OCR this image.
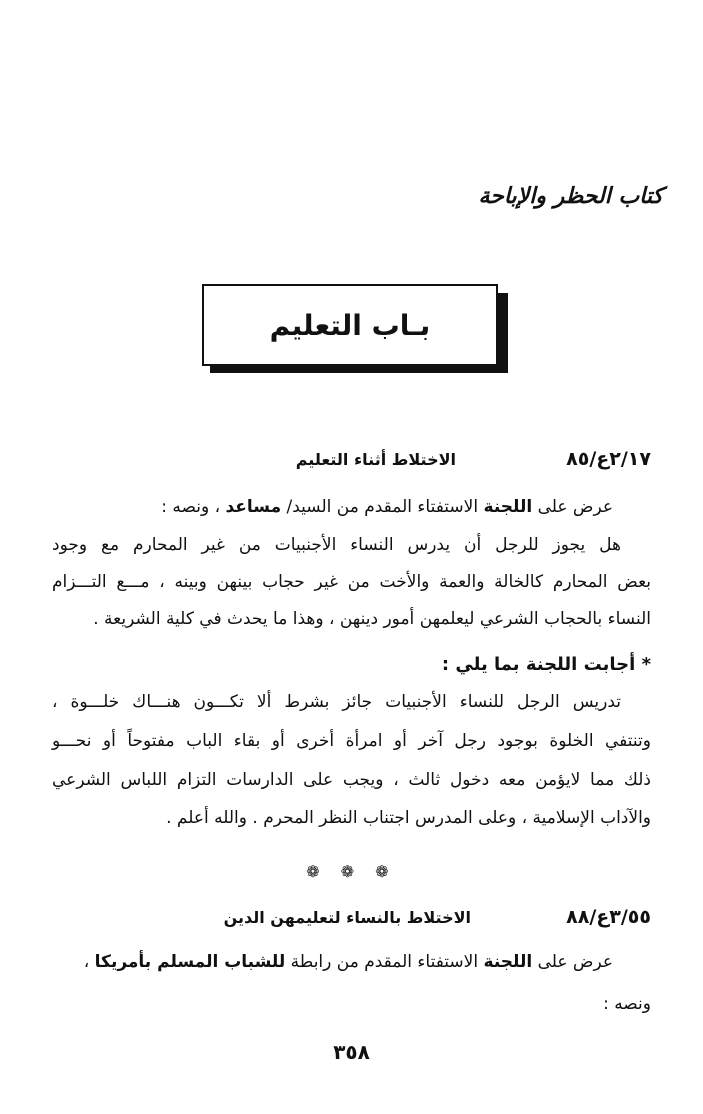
كتاب الحظر والإباحة
بـاب التعليم
٢/١٧ع/٨٥
الاختلاط أثناء التعليم
عرض على اللجنة الاستفتاء المقدم من السيد/ مساعد ، ونصه :
هل يجوز للرجل أن يدرس النساء الأجنبيات من غير المحارم مع وجود
بعض المحارم كالخالة والعمة والأخت من غير حجاب بينهن وبينه ، مـــع التـــزام
النساء بالحجاب الشرعي ليعلمهن أمور دينهن ، وهذا ما يحدث في كلية الشريعة .
* أجابت اللجنة بما يلي :
تدريس الرجل للنساء الأجنبيات جائز بشرط ألا تكـــون هنـــاك خلـــوة ،
وتنتفي الخلوة بوجود رجل آخر أو امرأة أخرى أو بقاء الباب مفتوحاً أو نحـــو
ذلك مما لايؤمن معه دخول ثالث ، ويجب على الدارسات التزام اللباس الشرعي
والآداب الإسلامية ، وعلى المدرس اجتناب النظر المحرم . والله أعلم .
❁ ❁ ❁
٣/٥٥ع/٨٨
الاختلاط بالنساء لتعليمهن الدين
عرض على اللجنة الاستفتاء المقدم من رابطة للشباب المسلم بأمريكا ،
ونصه :
٣٥٨
